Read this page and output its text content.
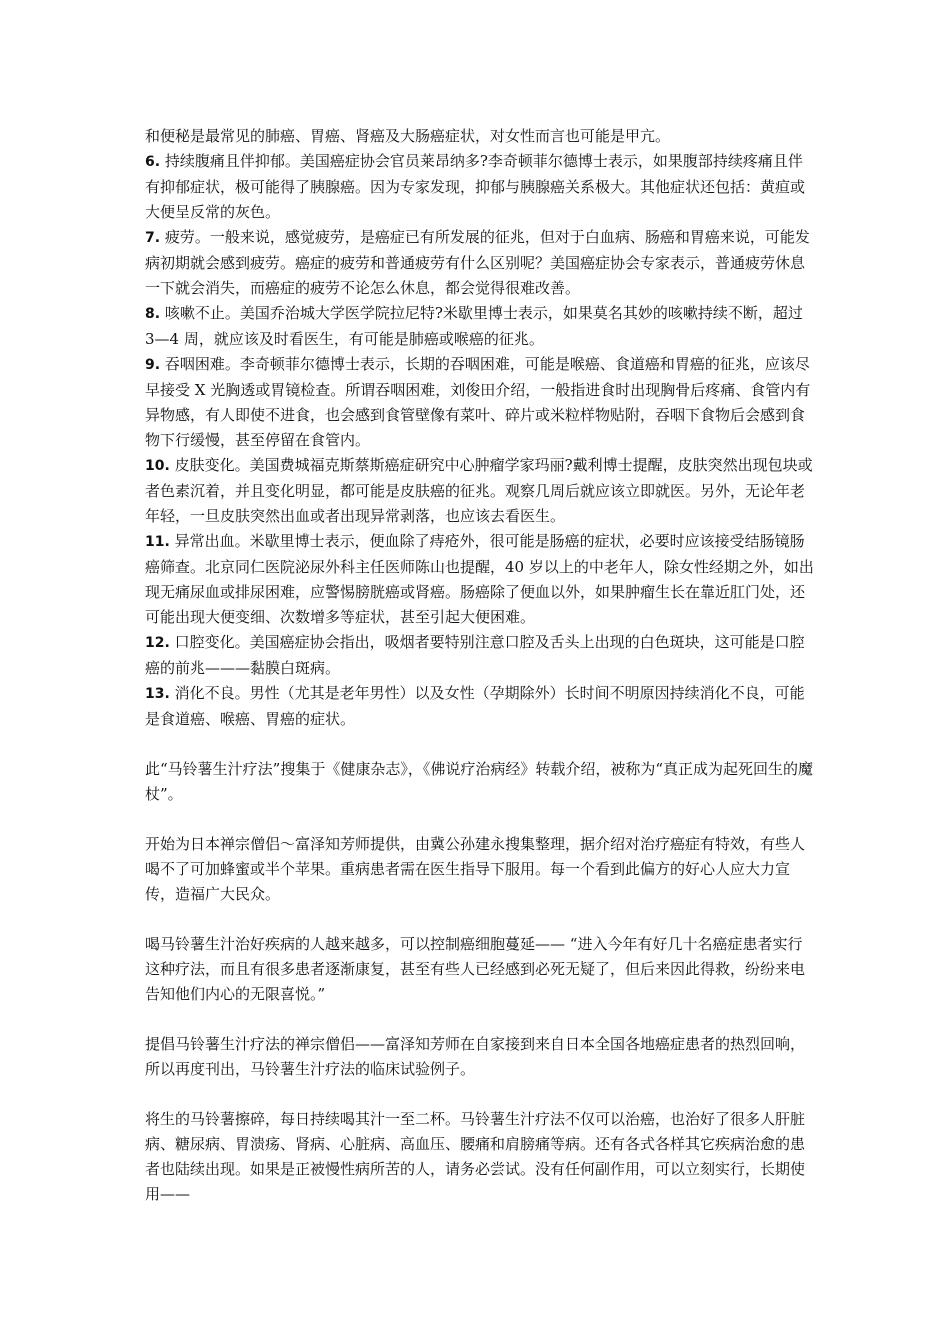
和便秘是最常见的肺癌、胃癌、肾癌及大肠癌症状，对女性而言也可能是甲亢。

6. 持续腹痛且伴抑郁。美国癌症协会官员莱昂纳多?李奇顿菲尔德博士表示，如果腹部持续疼痛且伴有抑郁症状，极可能得了胰腺癌。因为专家发现，抑郁与胰腺癌关系极大。其他症状还包括：黄疸或大便呈反常的灰色。

7. 疲劳。一般来说，感觉疲劳，是癌症已有所发展的征兆，但对于白血病、肠癌和胃癌来说，可能发病初期就会感到疲劳。癌症的疲劳和普通疲劳有什么区别呢？美国癌症协会专家表示，普通疲劳休息一下就会消失，而癌症的疲劳不论怎么休息，都会觉得很难改善。

8. 咳嗽不止。美国乔治城大学医学院拉尼特?米歇里博士表示，如果莫名其妙的咳嗽持续不断，超过 3—4 周，就应该及时看医生，有可能是肺癌或喉癌的征兆。

9. 吞咽困难。李奇顿菲尔德博士表示，长期的吞咽困难，可能是喉癌、食道癌和胃癌的征兆，应该尽早接受 X 光胸透或胃镜检查。所谓吞咽困难，刘俊田介绍，一般指进食时出现胸骨后疼痛、食管内有异物感，有人即使不进食，也会感到食管壁像有菜叶、碎片或米粒样物贴附，吞咽下食物后会感到食物下行缓慢，甚至停留在食管内。

10. 皮肤变化。美国费城福克斯蔡斯癌症研究中心肿瘤学家玛丽?戴利博士提醒，皮肤突然出现包块或者色素沉着，并且变化明显，都可能是皮肤癌的征兆。观察几周后就应该立即就医。另外，无论年老年轻，一旦皮肤突然出血或者出现异常剥落，也应该去看医生。

11. 异常出血。米歇里博士表示，便血除了痔疮外，很可能是肠癌的症状，必要时应该接受结肠镜肠癌筛查。北京同仁医院泌尿外科主任医师陈山也提醒，40 岁以上的中老年人，除女性经期之外，如出现无痛尿血或排尿困难，应警惕膀胱癌或肾癌。肠癌除了便血以外，如果肿瘤生长在靠近肛门处，还可能出现大便变细、次数增多等症状，甚至引起大便困难。

12. 口腔变化。美国癌症协会指出，吸烟者要特别注意口腔及舌头上出现的白色斑块，这可能是口腔癌的前兆———黏膜白斑病。

13. 消化不良。男性（尤其是老年男性）以及女性（孕期除外）长时间不明原因持续消化不良，可能是食道癌、喉癌、胃癌的症状。

此“马铃薯生汁疗法”搜集于《健康杂志》，《佛说疗治病经》转载介绍，被称为“真正成为起死回生的魔杖”。

开始为日本禅宗僧侣～富泽知芳师提供，由冀公孙建永搜集整理，据介绍对治疗癌症有特效，有些人喝不了可加蜂蜜或半个苹果。重病患者需在医生指导下服用。每一个看到此偏方的好心人应大力宣传，造福广大民众。

喝马铃薯生汁治好疾病的人越来越多，可以控制癌细胞蔓延—— “进入今年有好几十名癌症患者实行这种疗法，而且有很多患者逐渐康复，甚至有些人已经感到必死无疑了，但后来因此得救，纷纷来电告知他们内心的无限喜悦。”

提倡马铃薯生汁疗法的禅宗僧侣——富泽知芳师在自家接到来自日本全国各地癌症患者的热烈回响，所以再度刊出，马铃薯生汁疗法的临床试验例子。

将生的马铃薯擦碎，每日持续喝其汁一至二杯。马铃薯生汁疗法不仅可以治癌，也治好了很多人肝脏病、糖尿病、胃溃疡、肾病、心脏病、高血压、腰痛和肩膀痛等病。还有各式各样其它疾病治愈的患者也陆续出现。如果是正被慢性病所苦的人，请务必尝试。没有任何副作用，可以立刻实行，长期使用——
